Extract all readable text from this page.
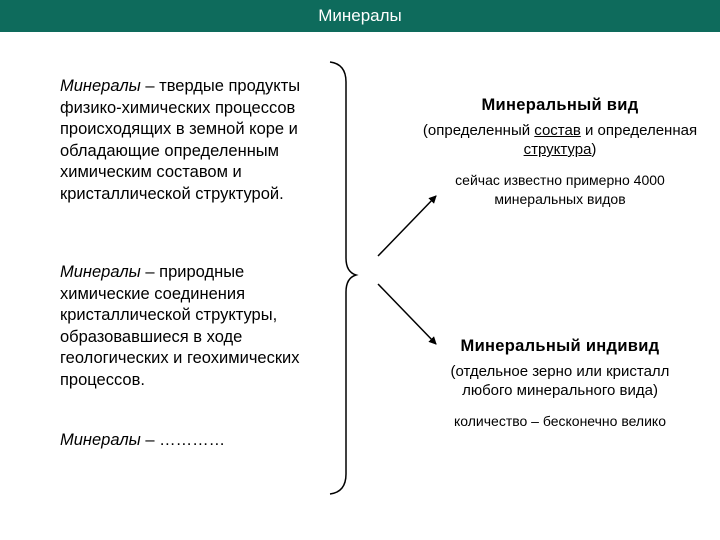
Минералы
Минералы – твердые продукты физико-химических процессов происходящих в земной коре и обладающие определенным химическим составом и кристаллической структурой.
Минералы – природные химические соединения кристаллической структуры, образовавшиеся в ходе геологических и геохимических процессов.
Минералы – …………
Минеральный вид
(определенный состав и определенная структура)
сейчас известно примерно 4000 минеральных видов
Минеральный индивид
(отдельное зерно или кристалл любого минерального вида)
количество – бесконечно велико
